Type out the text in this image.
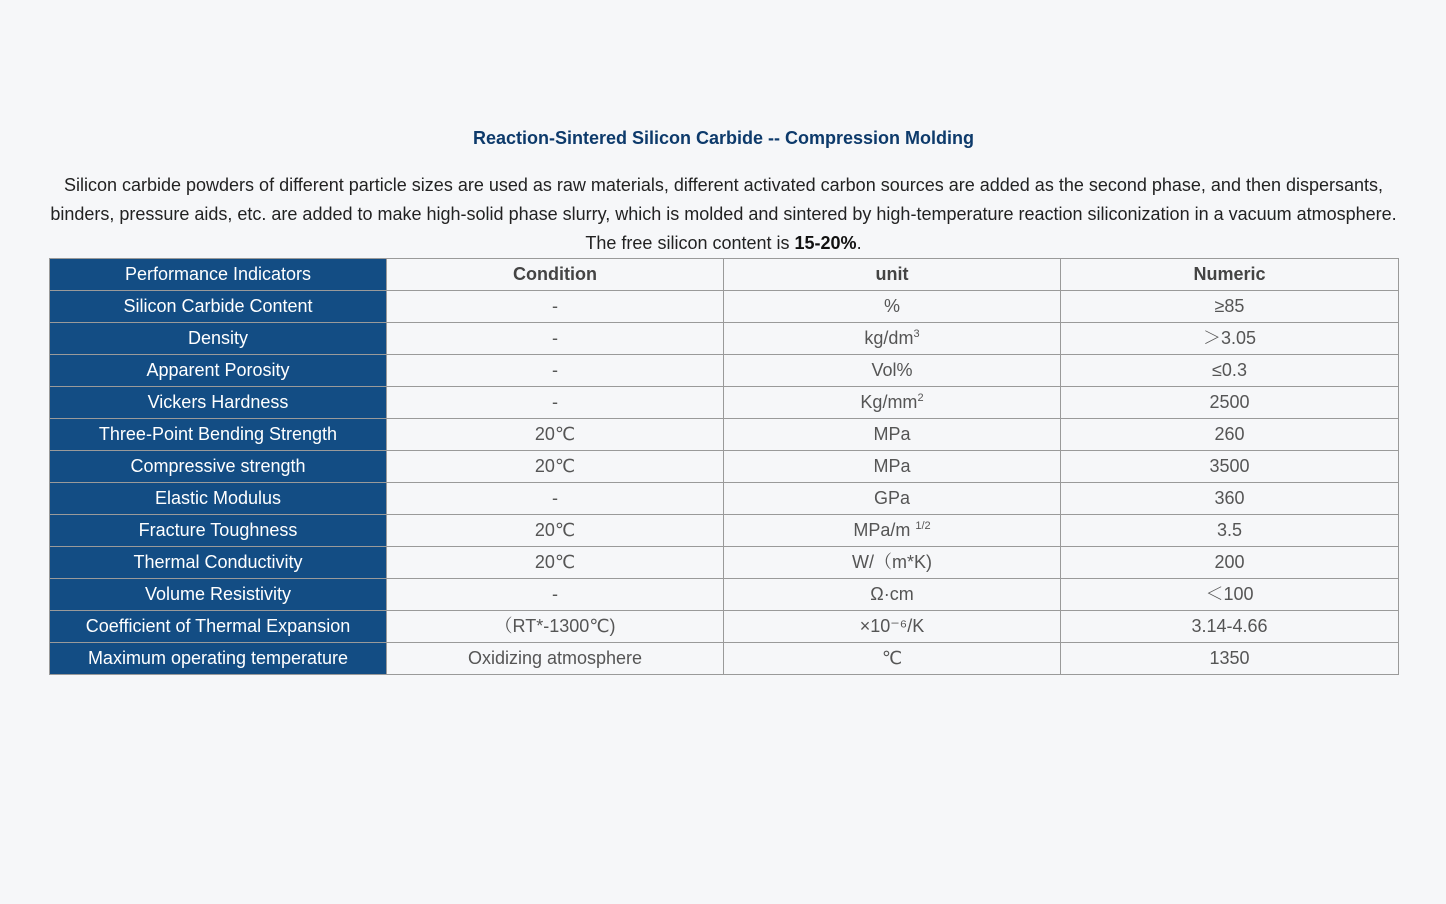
Reaction-Sintered Silicon Carbide -- Compression Molding

Silicon carbide powders of different particle sizes are used as raw materials, different activated carbon sources are added as the second phase, and then dispersants, binders, pressure aids, etc. are added to make high-solid phase slurry, which is molded and sintered by high-temperature reaction siliconization in a vacuum atmosphere. The free silicon content is 15-20%.

Performance Indicators	Condition	unit	Numeric
Silicon Carbide Content	-	%	≥85
Density	-	$kg/dm^3$	＞3.05
Apparent Porosity	-	Vol%	≤0.3
Vickers Hardness	-	$Kg/mm^2$	2500
Three-Point Bending Strength	20℃	MPa	260
Compressive strength	20℃	MPa	3500
Elastic Modulus	-	GPa	360
Fracture Toughness	20℃	MPa/m $^{1/2}$	3.5
Thermal Conductivity	20℃	W/（m*K)	200
Volume Resistivity	-	Ω·cm	＜100
Coefficient of Thermal Expansion	（RT*-1300℃)	×10⁻⁶/K	3.14-4.66
Maximum operating temperature	Oxidizing atmosphere	℃	1350
